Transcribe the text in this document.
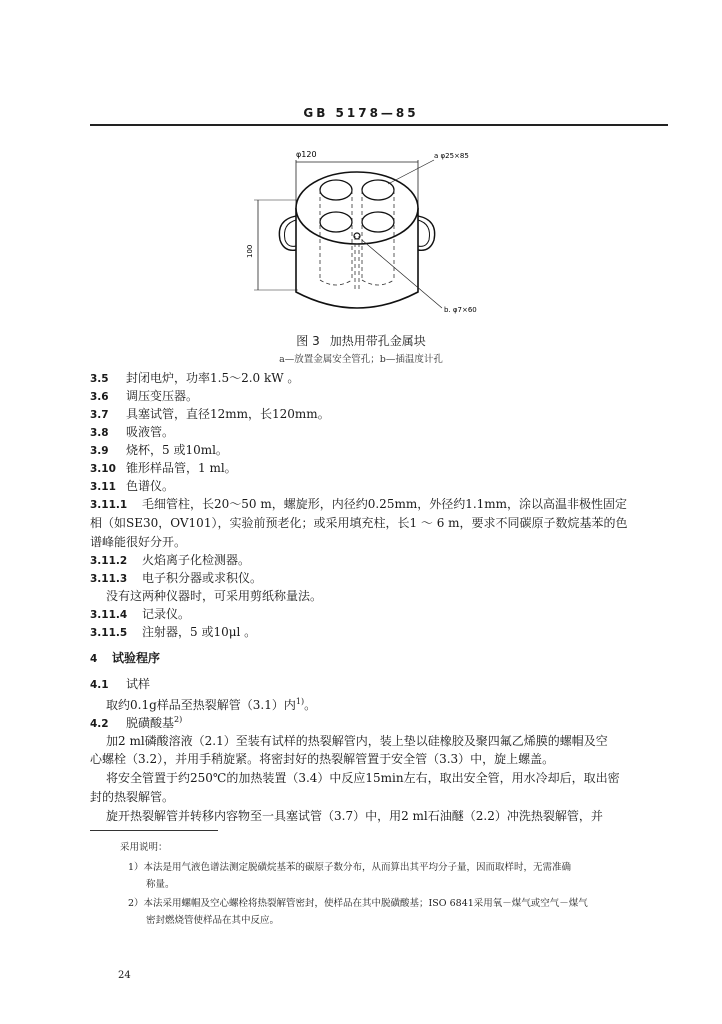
GB 5178—85
φ120	a φ25×85
b. φ7×60
100
图 3 加热用带孔金属块
a—放置金属安全管孔；b—插温度计孔
3.5 封闭电炉，功率1.5～2.0 kW 。
3.6 调压变压器。
3.7 具塞试管，直径12mm，长120mm。
3.8 吸液管。
3.9 烧杯，5 或10ml。
3.10 锥形样品管，1 ml。
3.11 色谱仪。
3.11.1 毛细管柱，长20～50 m，螺旋形，内径约0.25mm，外径约1.1mm，涂以高温非极性固定
相（如SE30，OV101），实验前预老化；或采用填充柱，长1 ～ 6 m，要求不同碳原子数烷基苯的色
谱峰能很好分开。
3.11.2 火焰离子化检测器。
3.11.3 电子积分器或求积仪。
没有这两种仪器时，可采用剪纸称量法。
3.11.4 记录仪。
3.11.5 注射器，5 或10μl 。
4 试验程序
4.1 试样
取约0.1g样品至热裂解管（3.1）内$^{1)}$。
4.2 脱磺酸基$^{2)}$
加2 ml磷酸溶液（2.1）至装有试样的热裂解管内，装上垫以硅橡胶及聚四氟乙烯膜的螺帽及空
心螺栓（3.2），并用手稍旋紧。将密封好的热裂解管置于安全管（3.3）中，旋上螺盖。
将安全管置于约250℃的加热装置（3.4）中反应15min左右，取出安全管，用水冷却后，取出密
封的热裂解管。
旋开热裂解管并转移内容物至一具塞试管（3.7）中，用2 ml石油醚（2.2）冲洗热裂解管，并
采用说明：
1）本法是用气液色谱法测定脱磺烷基苯的碳原子数分布，从而算出其平均分子量，因而取样时，无需准确
称量。
2）本法采用螺帽及空心螺栓将热裂解管密封，使样品在其中脱磺酸基；ISO 6841采用氧－煤气或空气－煤气
密封燃烧管使样品在其中反应。
24
